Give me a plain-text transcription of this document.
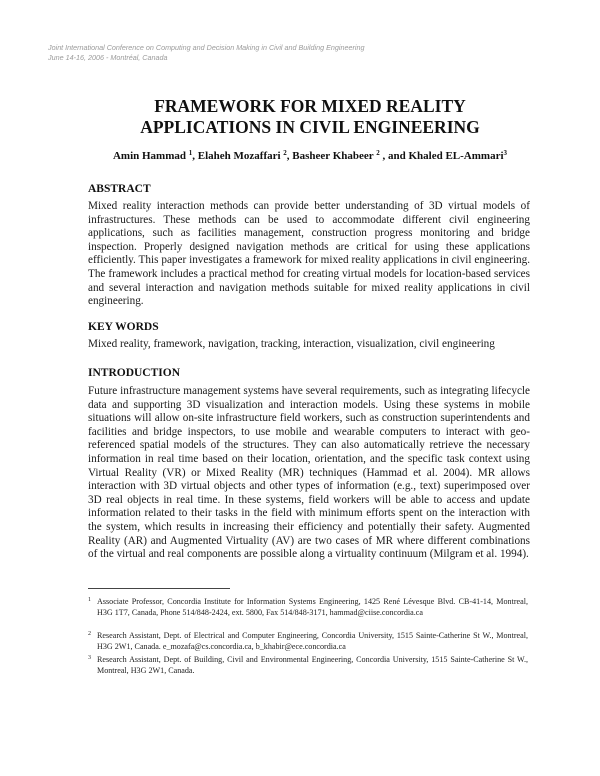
Joint International Conference on Computing and Decision Making in Civil and Building Engineering
June 14-16, 2006 - Montréal, Canada
FRAMEWORK FOR MIXED REALITY
APPLICATIONS IN CIVIL ENGINEERING
Amin Hammad $^1$, Elaheh Mozaffari $^2$, Basheer Khabeer $^2$ , and Khaled EL-Ammari$^3$
ABSTRACT

Mixed reality interaction methods can provide better understanding of 3D virtual models of infrastructures. These methods can be used to accommodate different civil engineering applications, such as facilities management, construction progress monitoring and bridge inspection. Properly designed navigation methods are critical for using these applications efficiently. This paper investigates a framework for mixed reality applications in civil engineering. The framework includes a practical method for creating virtual models for location-based services and several interaction and navigation methods suitable for mixed reality applications in civil engineering.

KEY WORDS

Mixed reality, framework, navigation, tracking, interaction, visualization, civil engineering

INTRODUCTION

Future infrastructure management systems have several requirements, such as integrating lifecycle data and supporting 3D visualization and interaction models. Using these systems in mobile situations will allow on-site infrastructure field workers, such as construction superintendents and facilities and bridge inspectors, to use mobile and wearable computers to interact with geo-referenced spatial models of the structures. They can also automatically retrieve the necessary information in real time based on their location, orientation, and the specific task context using Virtual Reality (VR) or Mixed Reality (MR) techniques (Hammad et al. 2004). MR allows interaction with 3D virtual objects and other types of information (e.g., text) superimposed over 3D real objects in real time. In these systems, field workers will be able to access and update information related to their tasks in the field with minimum efforts spent on the interaction with the system, which results in increasing their efficiency and potentially their safety. Augmented Reality (AR) and Augmented Virtuality (AV) are two cases of MR where different combinations of the virtual and real components are possible along a virtuality continuum (Milgram et al. 1994).

1 Associate Professor, Concordia Institute for Information Systems Engineering, 1425 René Lévesque Blvd. CB-41-14, Montreal, H3G 1T7, Canada, Phone 514/848-2424, ext. 5800, Fax 514/848-3171, hammad@ciise.concordia.ca
2 Research Assistant, Dept. of Electrical and Computer Engineering, Concordia University, 1515 Sainte-Catherine St W., Montreal, H3G 2W1, Canada. e_mozafa@cs.concordia.ca, b_khabir@ece.concordia.ca
3 Research Assistant, Dept. of Building, Civil and Environmental Engineering, Concordia University, 1515 Sainte-Catherine St W., Montreal, H3G 2W1, Canada.
